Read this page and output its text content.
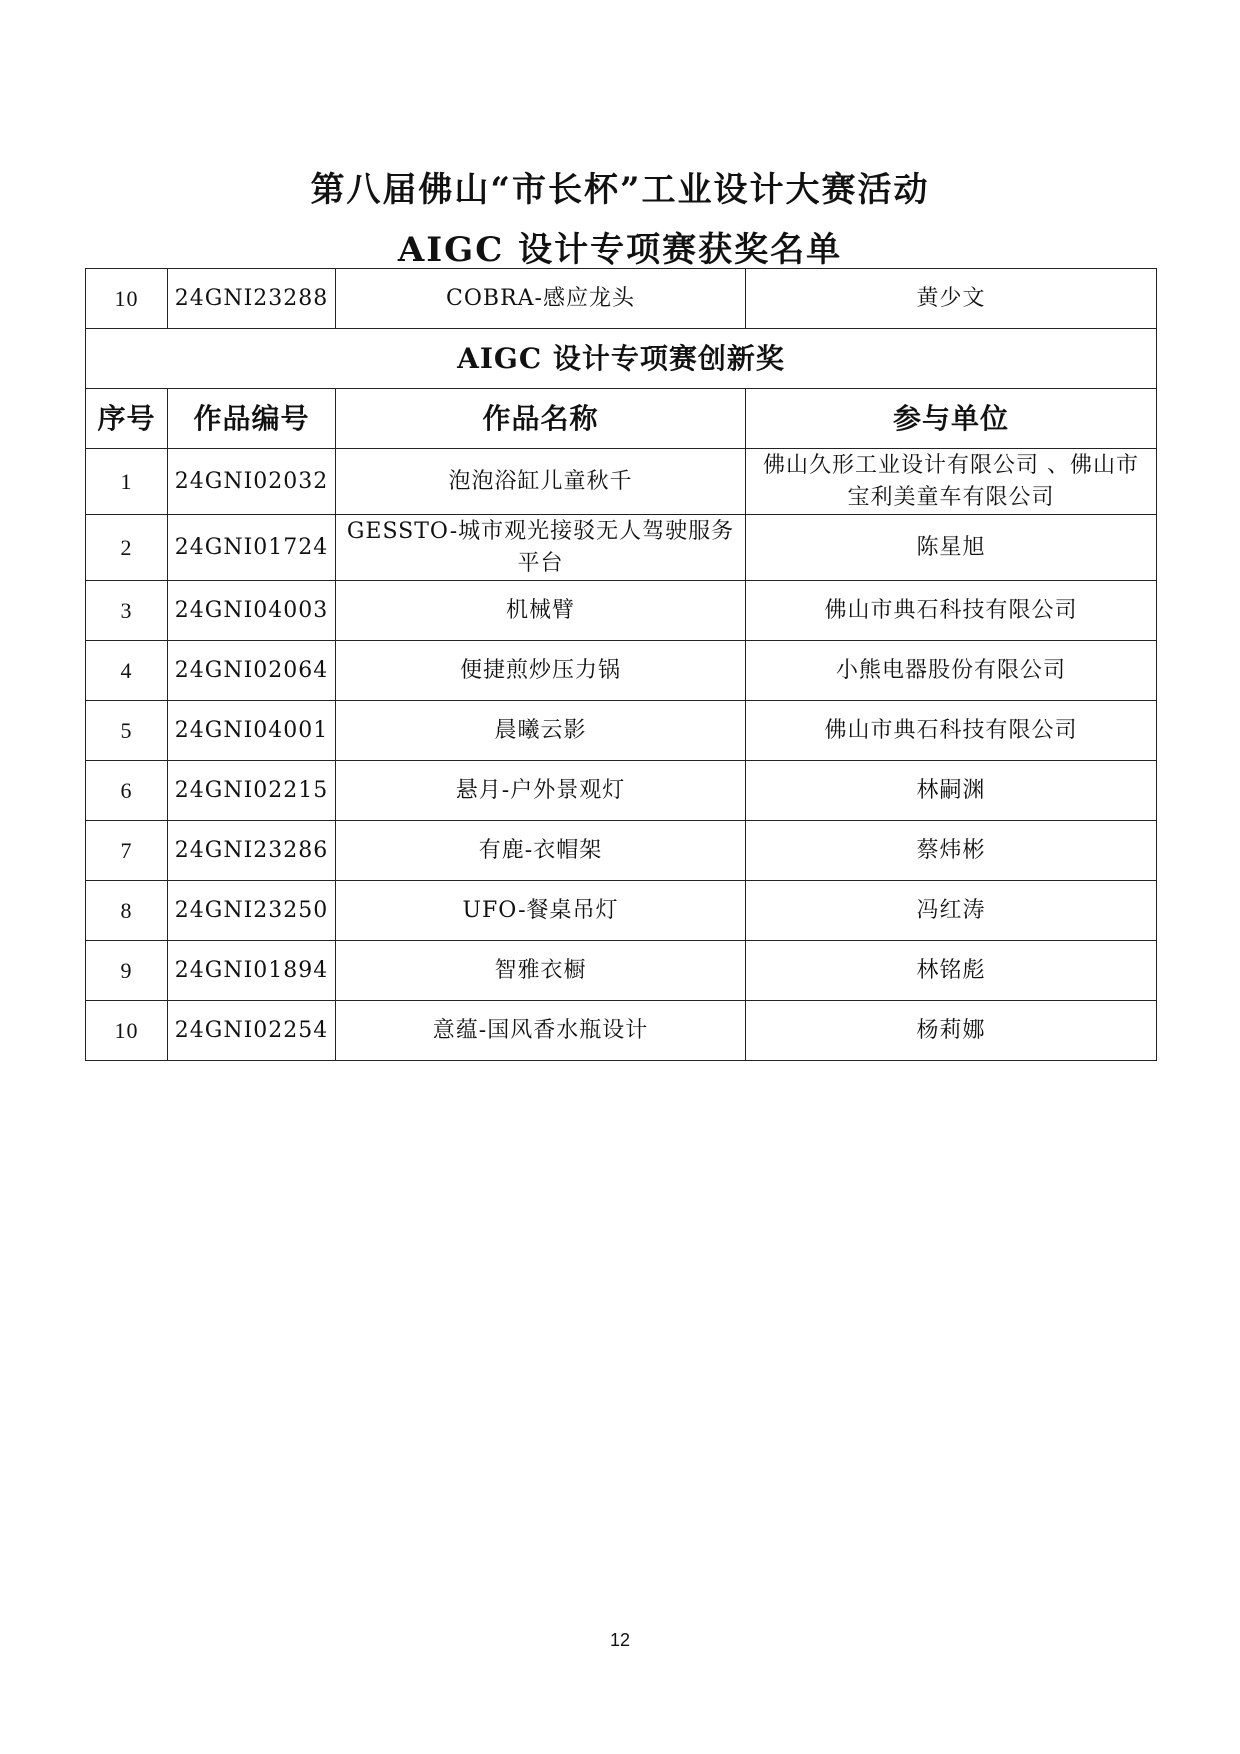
第八届佛山“市长杯”工业设计大赛活动
AIGC 设计专项赛获奖名单
10	24GNI23288	COBRA-感应龙头	黄少文
AIGC 设计专项赛创新奖			
序号	作品编号	作品名称	参与单位
1	24GNI02032	泡泡浴缸儿童秋千	佛山久形工业设计有限公司 、佛山市宝利美童车有限公司
2	24GNI01724	GESSTO-城市观光接驳无人驾驶服务平台	陈星旭
3	24GNI04003	机械臂	佛山市典石科技有限公司
4	24GNI02064	便捷煎炒压力锅	小熊电器股份有限公司
5	24GNI04001	晨曦云影	佛山市典石科技有限公司
6	24GNI02215	悬月-户外景观灯	林嗣渊
7	24GNI23286	有鹿-衣帽架	蔡炜彬
8	24GNI23250	UFO-餐桌吊灯	冯红涛
9	24GNI01894	智雅衣橱	林铭彪
10	24GNI02254	意蕴-国风香水瓶设计	杨莉娜
12
